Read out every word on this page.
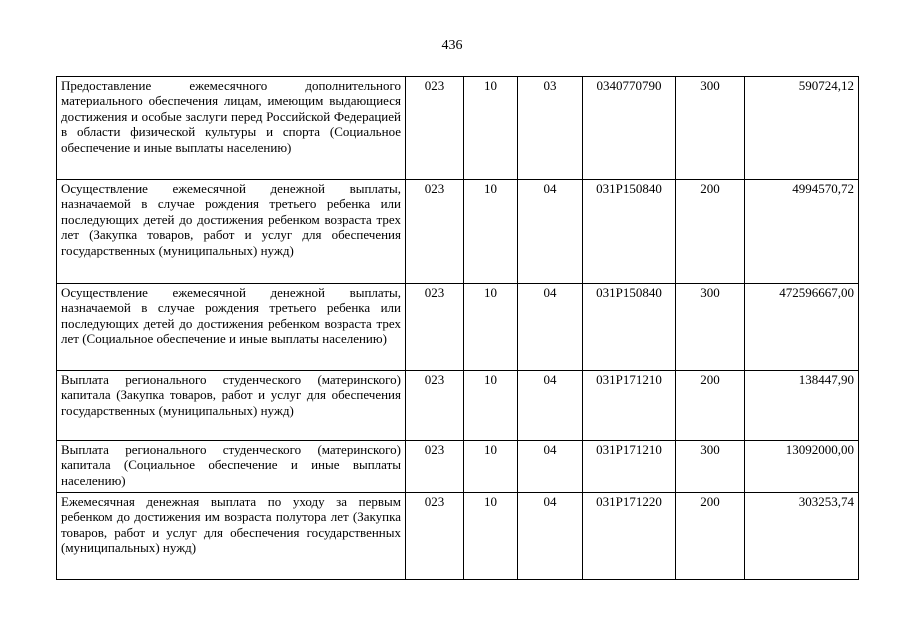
436
Предоставление ежемесячного дополнительного материального обеспечения лицам, имеющим выдающиеся достижения и особые заслуги перед Российской Федерацией в области физической культуры и спорта (Социальное обеспечение и иные выплаты населению)	023	10	03	0340770790	300	590724,12
Осуществление ежемесячной денежной выплаты, назначаемой в случае рождения третьего ребенка или последующих детей до достижения ребенком возраста трех лет (Закупка товаров, работ и услуг для обеспечения государственных (муниципальных) нужд)	023	10	04	031Р150840	200	4994570,72
Осуществление ежемесячной денежной выплаты, назначаемой в случае рождения третьего ребенка или последующих детей до достижения ребенком возраста трех лет (Социальное обеспечение и иные выплаты населению)	023	10	04	031Р150840	300	472596667,00
Выплата регионального студенческого (материнского) капитала (Закупка товаров, работ и услуг для обеспечения государственных (муниципальных) нужд)	023	10	04	031Р171210	200	138447,90
Выплата регионального студенческого (материнского) капитала (Социальное обеспечение и иные выплаты населению)	023	10	04	031Р171210	300	13092000,00
Ежемесячная денежная выплата по уходу за первым ребенком до достижения им возраста полутора лет (Закупка товаров, работ и услуг для обеспечения государственных (муниципальных) нужд)	023	10	04	031Р171220	200	303253,74
